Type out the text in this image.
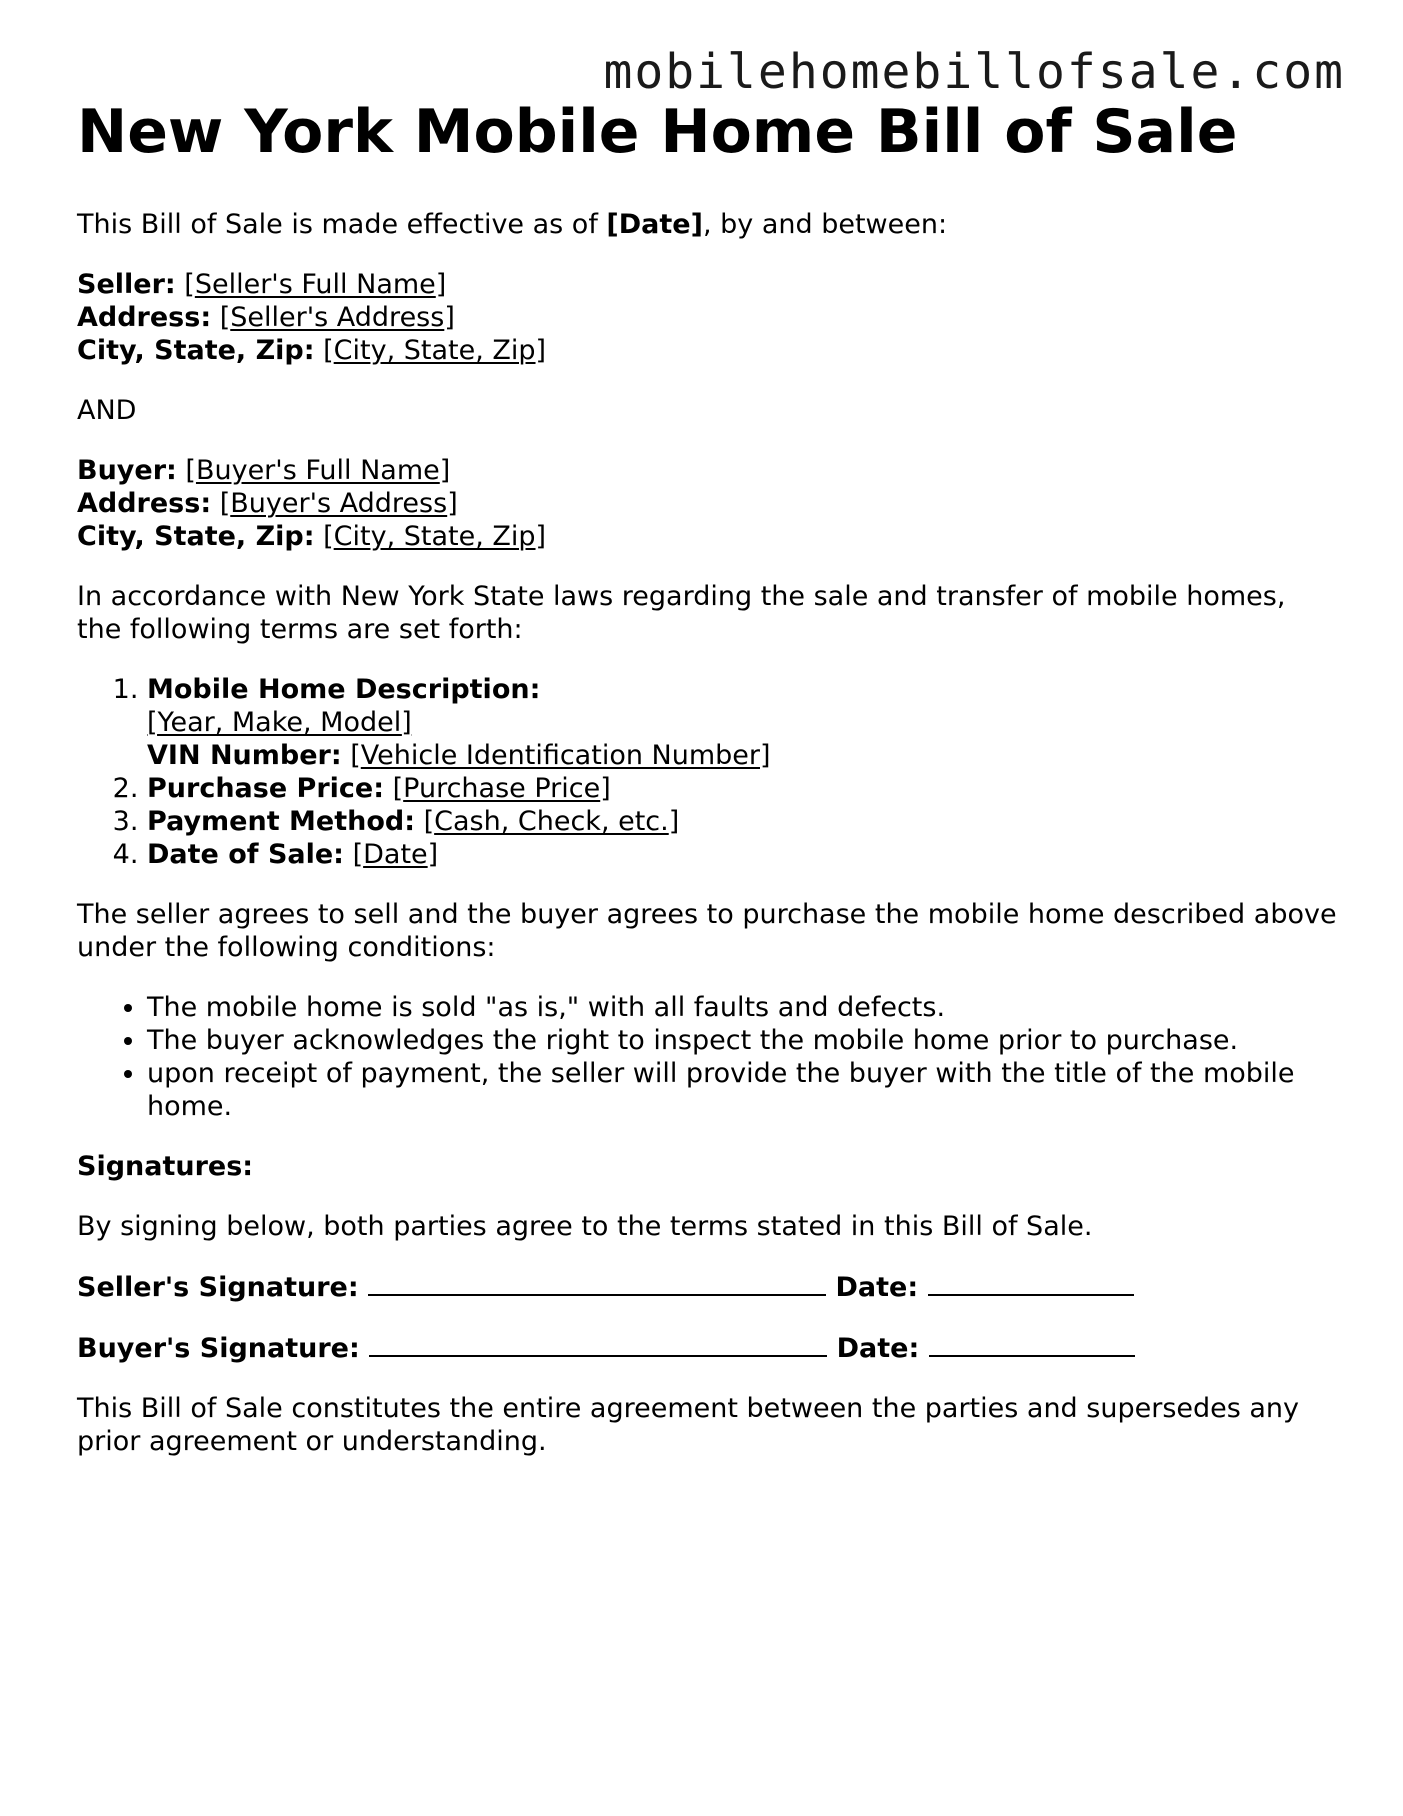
mobilehomebillofsale.com
New York Mobile Home Bill of Sale

This Bill of Sale is made effective as of [Date], by and between:

Seller: [Seller's Full Name]
Address: [Seller's Address]
City, State, Zip: [City, State, Zip]

AND

Buyer: [Buyer's Full Name]
Address: [Buyer's Address]
City, State, Zip: [City, State, Zip]

In accordance with New York State laws regarding the sale and transfer of mobile homes, the following terms are set forth:

1. Mobile Home Description:
[Year, Make, Model]
VIN Number: [Vehicle Identification Number]
2. Purchase Price: [Purchase Price]
3. Payment Method: [Cash, Check, etc.]
4. Date of Sale: [Date]

The seller agrees to sell and the buyer agrees to purchase the mobile home described above under the following conditions:

• The mobile home is sold "as is," with all faults and defects.
• The buyer acknowledges the right to inspect the mobile home prior to purchase.
• upon receipt of payment, the seller will provide the buyer with the title of the mobile home.

Signatures:

By signing below, both parties agree to the terms stated in this Bill of Sale.

Seller's Signature:	Date:
Buyer's Signature:	Date:

This Bill of Sale constitutes the entire agreement between the parties and supersedes any prior agreement or understanding.
